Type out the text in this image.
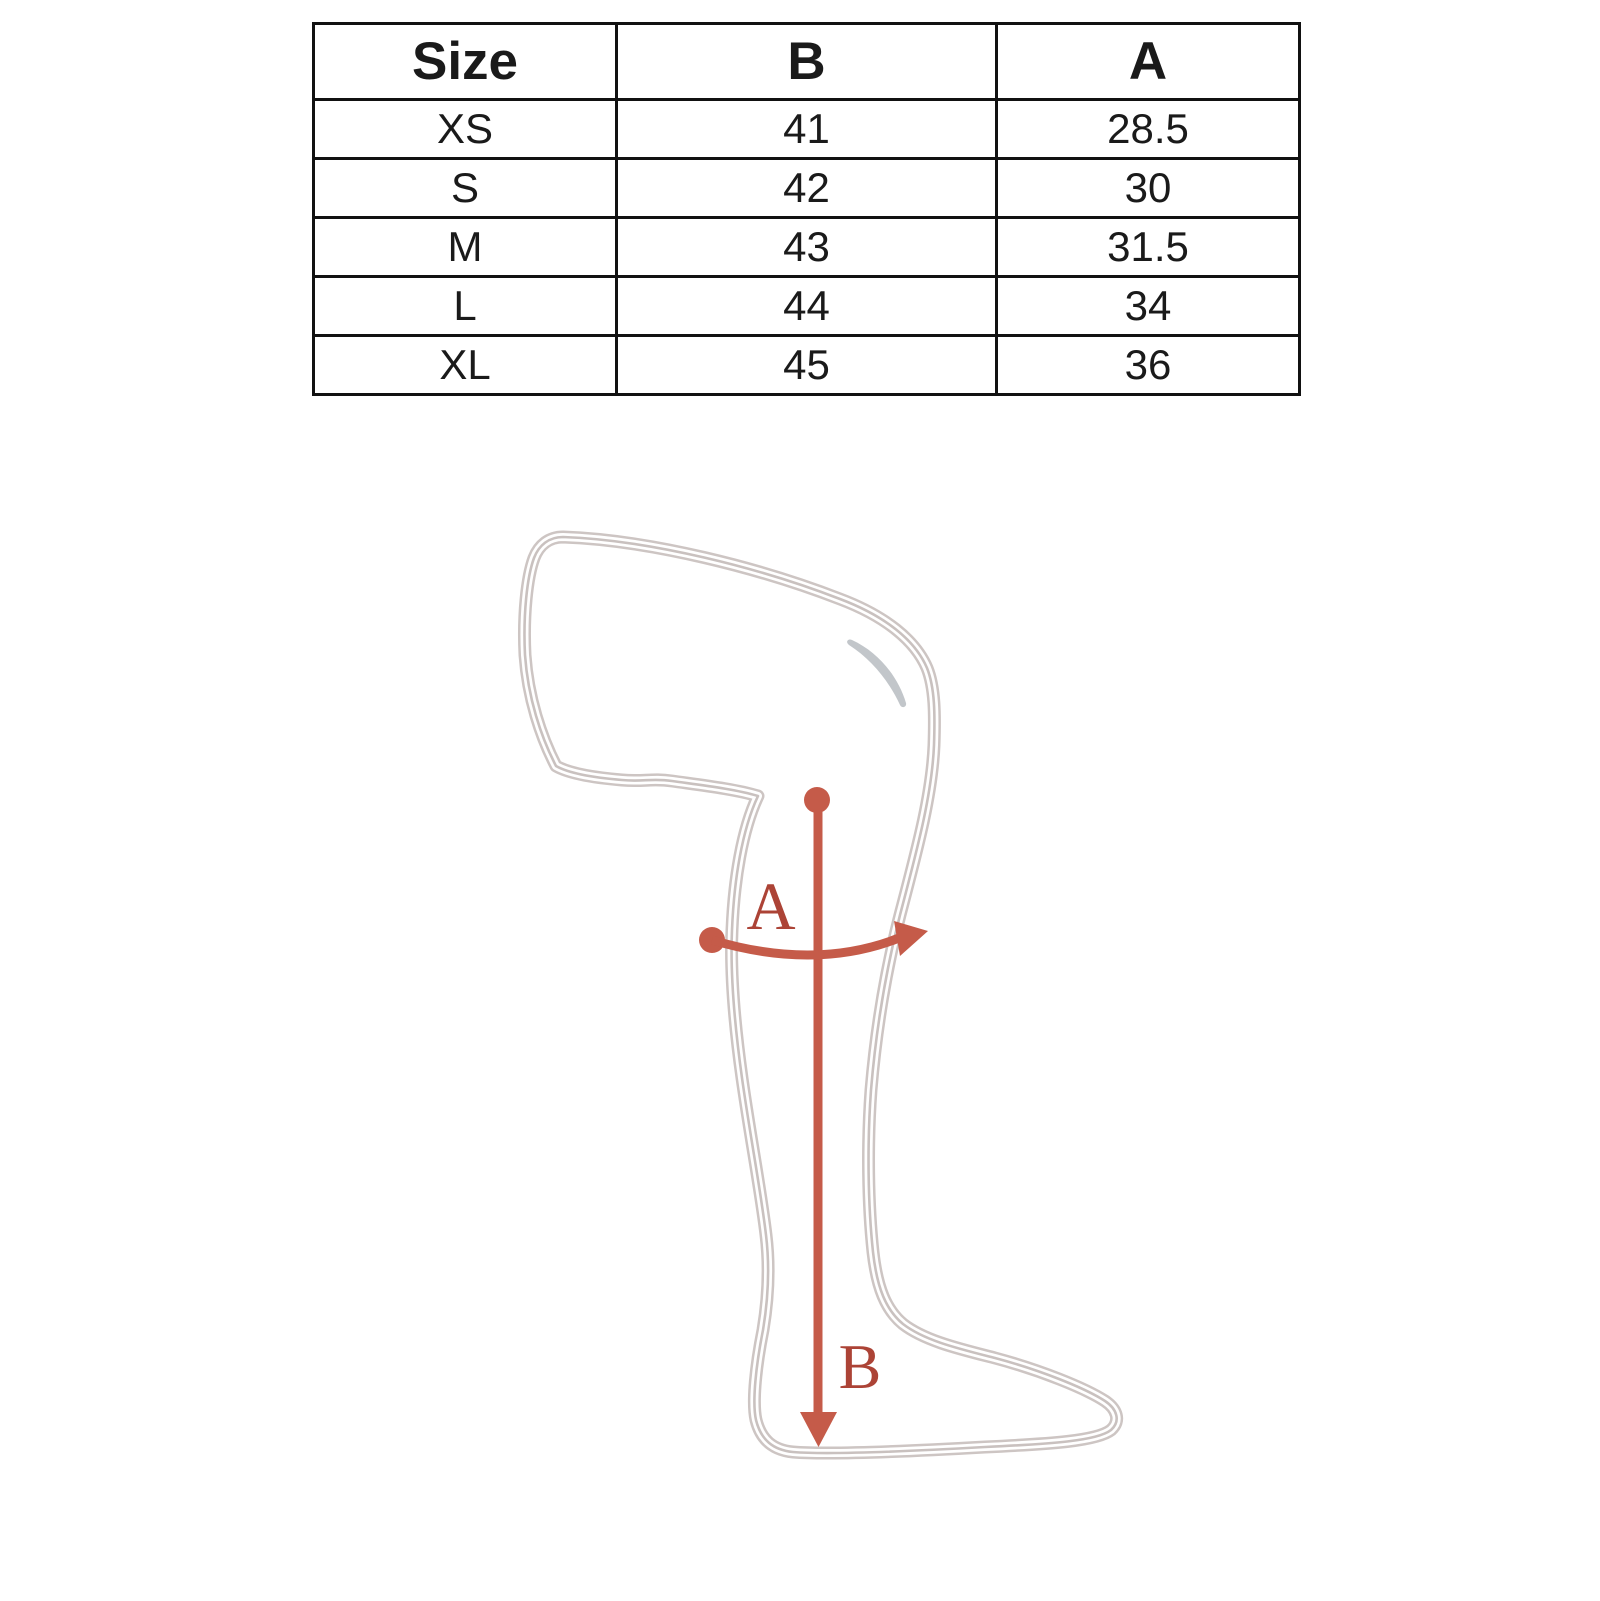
Size	B	A
XS	41	28.5
S	42	30
M	43	31.5
L	44	34
XL	45	36
A
B
